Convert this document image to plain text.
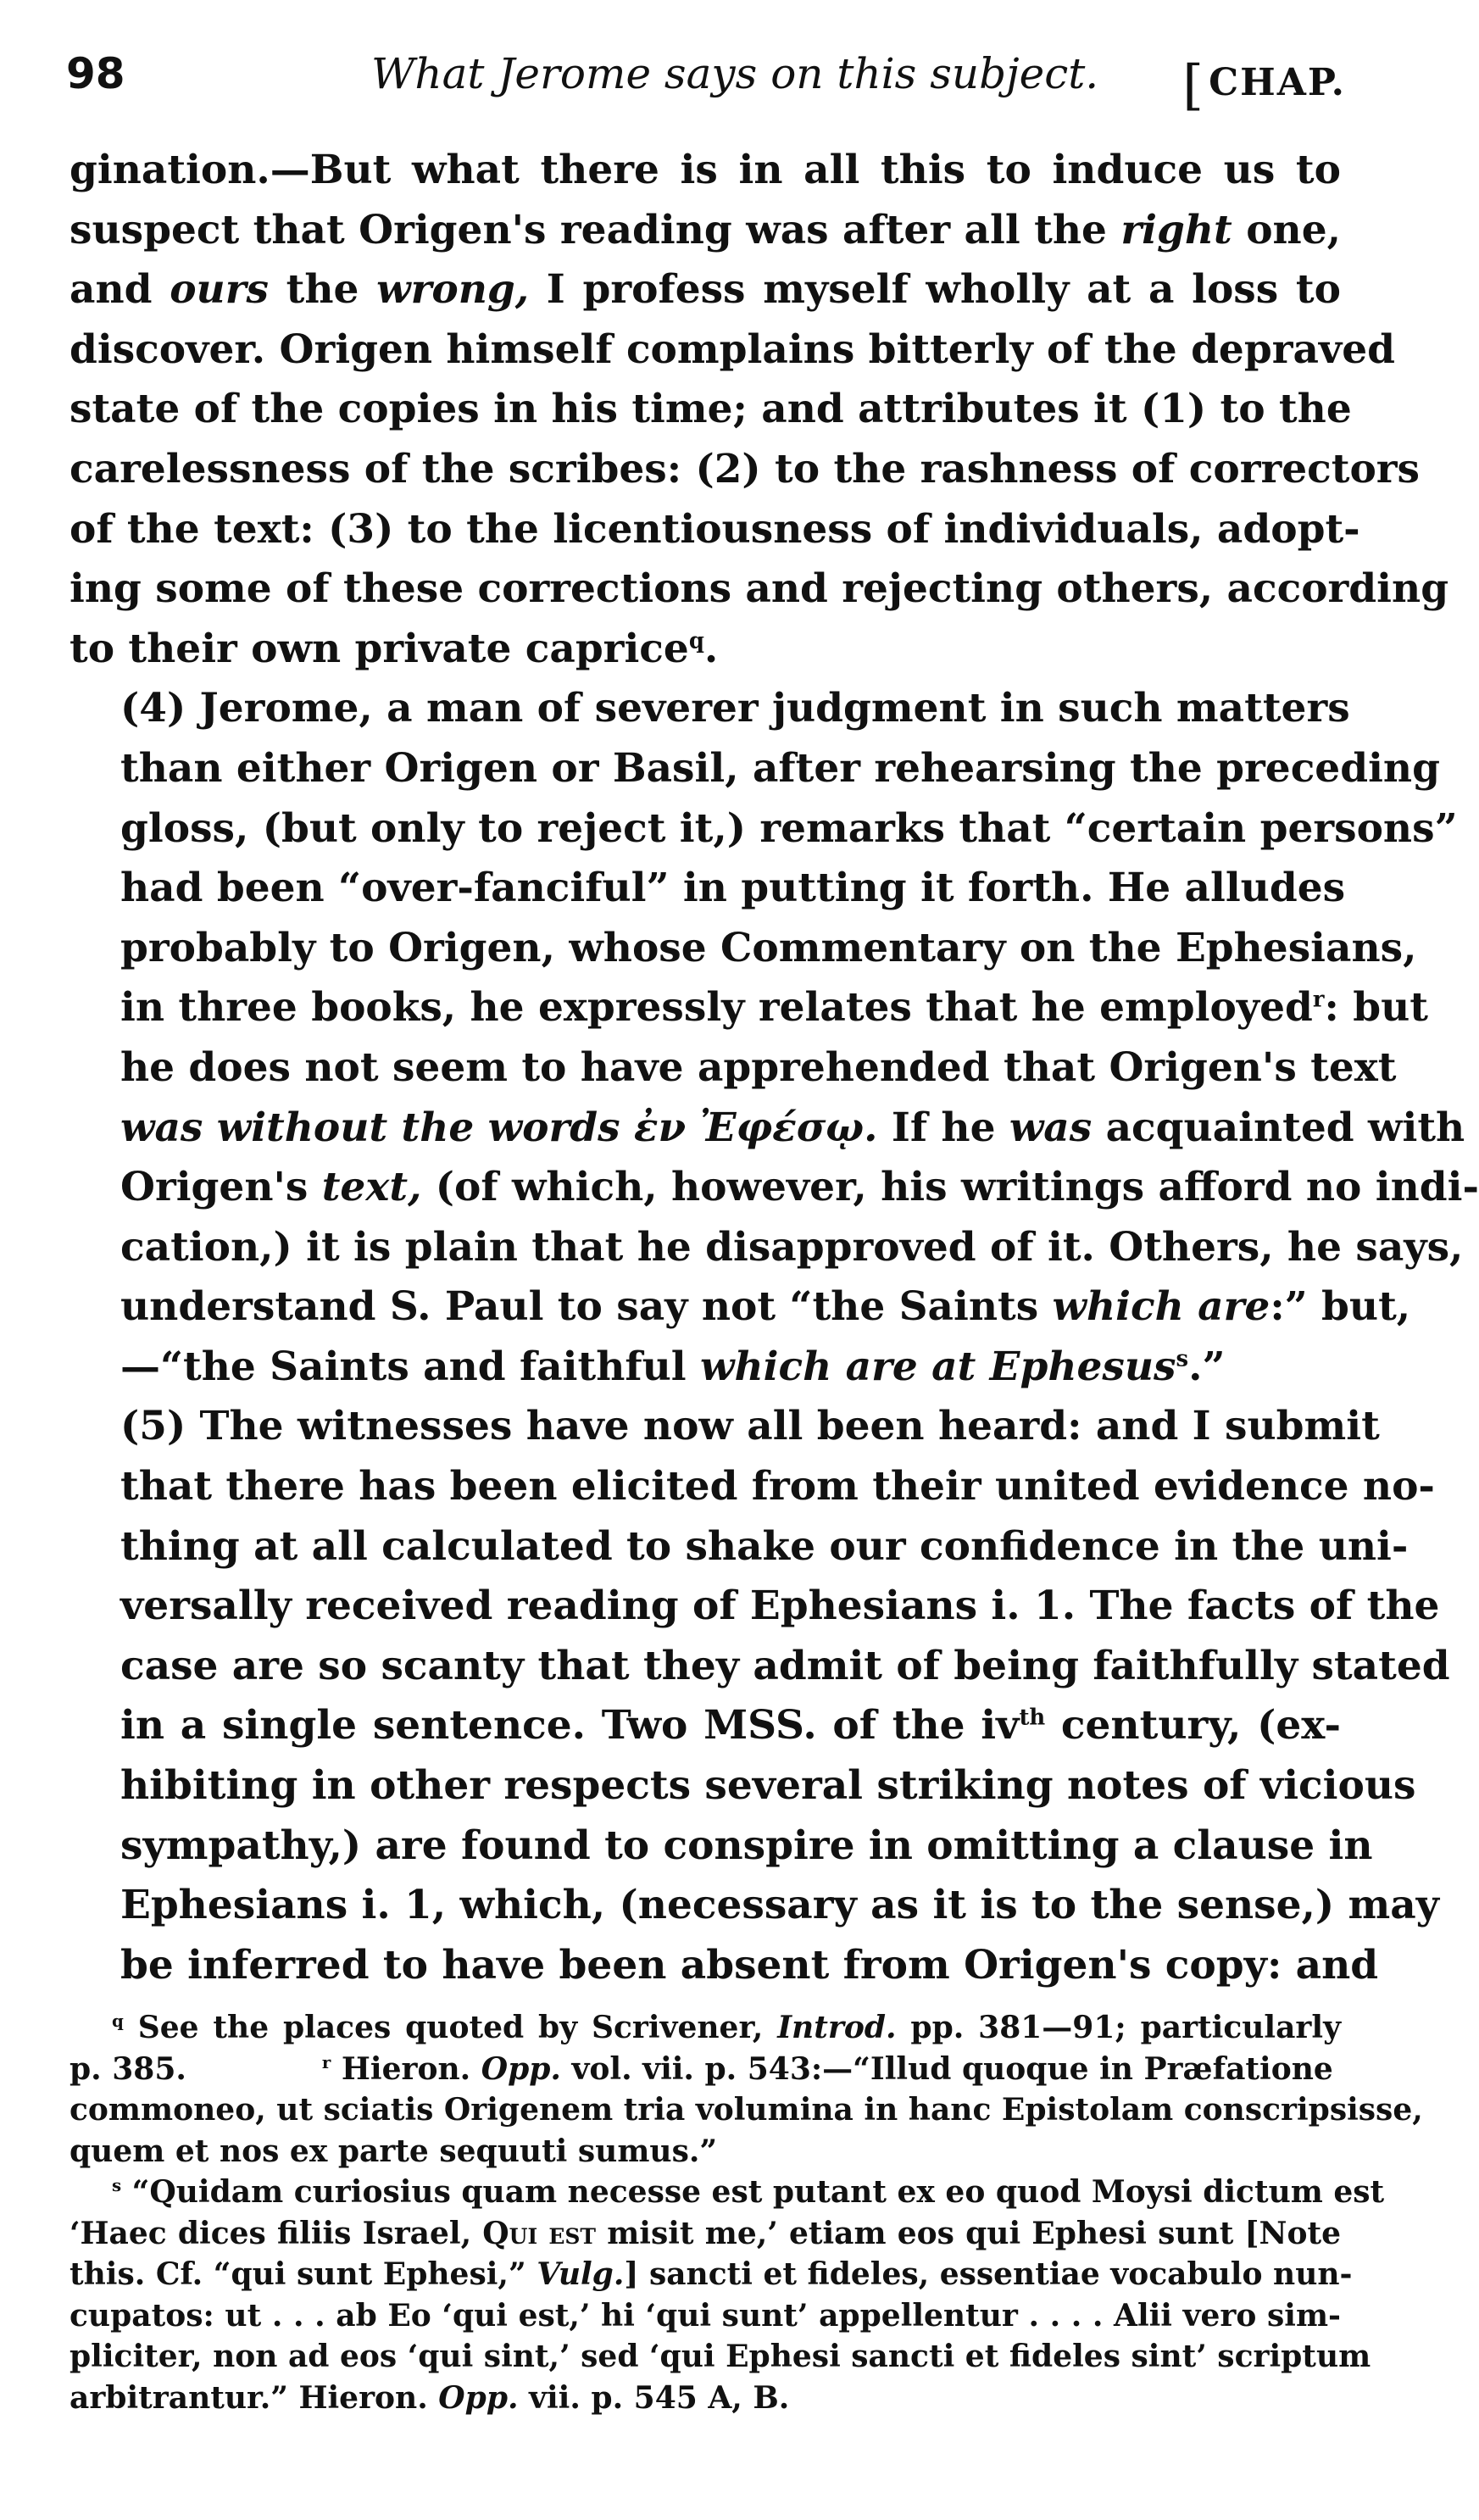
98	What Jerome says on this subject. [CHAP.

gination.—But what there is in all this to induce us to
suspect that Origen's reading was after all the right one,
and ours the wrong, I profess myself wholly at a loss to
discover. Origen himself complains bitterly of the depraved
state of the copies in his time; and attributes it (1) to the
carelessness of the scribes: (2) to the rashness of correctors
of the text: (3) to the licentiousness of individuals, adopt-
ing some of these corrections and rejecting others, according
to their own private caprice$^q$.

(4) Jerome, a man of severer judgment in such matters
than either Origen or Basil, after rehearsing the preceding
gloss, (but only to reject it,) remarks that “certain persons”
had been “over-fanciful” in putting it forth. He alludes
probably to Origen, whose Commentary on the Ephesians,
in three books, he expressly relates that he employed$^r$: but
he does not seem to have apprehended that Origen's text
was without the words ἐν Ἐφέσῳ. If he was acquainted with
Origen's text, (of which, however, his writings afford no indi-
cation,) it is plain that he disapproved of it. Others, he says,
understand S. Paul to say not “the Saints which are:” but,
—“the Saints and faithful which are at Ephesus$^s$.”

(5) The witnesses have now all been heard: and I submit
that there has been elicited from their united evidence no-
thing at all calculated to shake our confidence in the uni-
versally received reading of Ephesians i. 1. The facts of the
case are so scanty that they admit of being faithfully stated
in a single sentence. Two MSS. of the $iv^{th}$ century, (ex-
hibiting in other respects several striking notes of vicious
sympathy,) are found to conspire in omitting a clause in
Ephesians i. 1, which, (necessary as it is to the sense,) may
be inferred to have been absent from Origen's copy: and

$^q$ See the places quoted by Scrivener, Introd. pp. 381—91; particularly
p. 385.	$^r$ Hieron. Opp. vol. vii. p. 543:—“Illud quoque in Præfatione
commoneo, ut sciatis Origenem tria volumina in hanc Epistolam conscripsisse,
quem et nos ex parte sequuti sumus.”
$^s$ “Quidam curiosius quam necesse est putant ex eo quod Moysi dictum est
‘Haec dices filiis Israel, Qui est misit me,’ etiam eos qui Ephesi sunt [Note
this. Cf. “qui sunt Ephesi,” Vulg.] sancti et fideles, essentiae vocabulo nun-
cupatos: ut . . . ab Eo ‘qui est,’ hi ‘qui sunt’ appellentur . . . . Alii vero sim-
pliciter, non ad eos ‘qui sint,’ sed ‘qui Ephesi sancti et fideles sint’ scriptum
arbitrantur.” Hieron. Opp. vii. p. 545 A, B.
